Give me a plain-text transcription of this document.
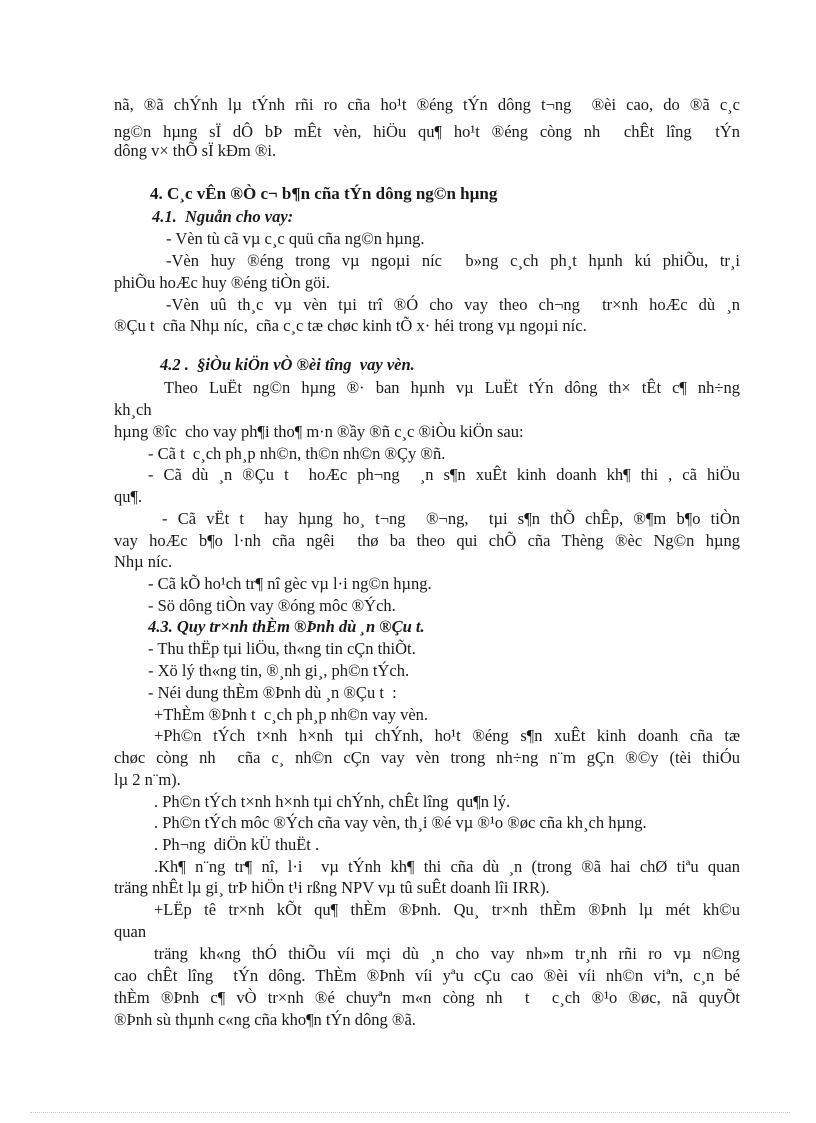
nã, ®ã chÝnh lµ tÝnh rñi ro cña ho¹t ®éng tÝn dông t¬ng  ®èi cao, do ®ã c¸c
ng©n hµng sÏ dÔ bÞ mÊt vèn, hiÖu qu¶ ho¹t ®éng còng nh  chÊt lîng  tÝn
dông v× thÕ sÏ kÐm ®i.
4. C¸c vÊn ®Ò c¬ b¶n cña tÝn dông ng©n hµng
4.1.  Nguån cho vay:
- Vèn tù cã vµ c¸c quü cña ng©n hµng.
-Vèn huy ®éng trong vµ ngoµi níc  b»ng c¸ch ph¸t hµnh kú phiÕu, tr¸i
phiÕu hoÆc huy ®éng tiÒn göi.
-Vèn uû th¸c vµ vèn tµi trî ®Ó cho vay theo ch¬ng  tr×nh hoÆc dù ¸n
®Çu t  cña Nhµ níc,  cña c¸c tæ chøc kinh tÕ x· héi trong vµ ngoµi níc.
4.2 .  §iÒu kiÖn vÒ ®èi tîng  vay vèn.
Theo LuËt ng©n hµng ®· ban hµnh vµ LuËt tÝn dông th× tÊt c¶ nh÷ng
kh¸ch
hµng ®îc  cho vay ph¶i tho¶ m·n ®ầy ®ñ c¸c ®iÒu kiÖn sau:
- Cã t  c¸ch ph¸p nh©n, th©n nh©n ®Çy ®ñ.
- Cã dù ¸n ®Çu t  hoÆc ph¬ng  ¸n s¶n xuÊt kinh doanh kh¶ thi , cã hiÖu
qu¶.
- Cã vËt t  hay hµng ho¸ t¬ng  ®¬ng,  tµi s¶n thÕ chÊp, ®¶m b¶o tiÒn
vay hoÆc b¶o l·nh cña ngêi  thø ba theo qui chÕ cña Thèng ®èc Ng©n hµng
Nhµ níc.
- Cã kÕ ho¹ch tr¶ nî gèc vµ l·i ng©n hµng.
- Sö dông tiÒn vay ®óng môc ®Ých.
4.3. Quy tr×nh thÈm ®Þnh dù ¸n ®Çu t.
- Thu thËp tµi liÖu, th«ng tin cÇn thiÕt.
- Xö lý th«ng tin, ®¸nh gi¸, ph©n tÝch.
- Néi dung thÈm ®Þnh dù ¸n ®Çu t  :
+ThÈm ®Þnh t  c¸ch ph¸p nh©n vay vèn.
+Ph©n tÝch t×nh h×nh tµi chÝnh, ho¹t ®éng s¶n xuÊt kinh doanh cña tæ
chøc còng nh  cña c¸ nh©n cÇn vay vèn trong nh÷ng n¨m gÇn ®©y (tèi thiÓu
lµ 2 n¨m).
. Ph©n tÝch t×nh h×nh tµi chÝnh, chÊt lîng  qu¶n lý.
. Ph©n tÝch môc ®Ých cña vay vèn, th¸i ®é vµ ®¹o ®øc cña kh¸ch hµng.
. Ph¬ng  diÖn kÜ thuËt .
.Kh¶ n¨ng tr¶ nî, l·i  vµ tÝnh kh¶ thi cña dù ¸n (trong ®ã hai chØ tiªu quan
träng nhÊt lµ gi¸ trÞ hiÖn t¹i rßng NPV vµ tû suÊt doanh lîi IRR).
+LËp tê tr×nh kÕt qu¶ thÈm ®Þnh. Qu¸ tr×nh thÈm ®Þnh lµ mét kh©u
quan
träng kh«ng thÓ thiÕu víi mçi dù ¸n cho vay nh»m tr¸nh rñi ro vµ n©ng
cao chÊt lîng  tÝn dông. ThÈm ®Þnh víi yªu cÇu cao ®èi víi nh©n viªn, c¸n bé
thÈm ®Þnh c¶ vÒ tr×nh ®é chuyªn m«n còng nh  t  c¸ch ®¹o ®øc, nã quyÕt
®Þnh sù thµnh c«ng cña kho¶n tÝn dông ®ã.
